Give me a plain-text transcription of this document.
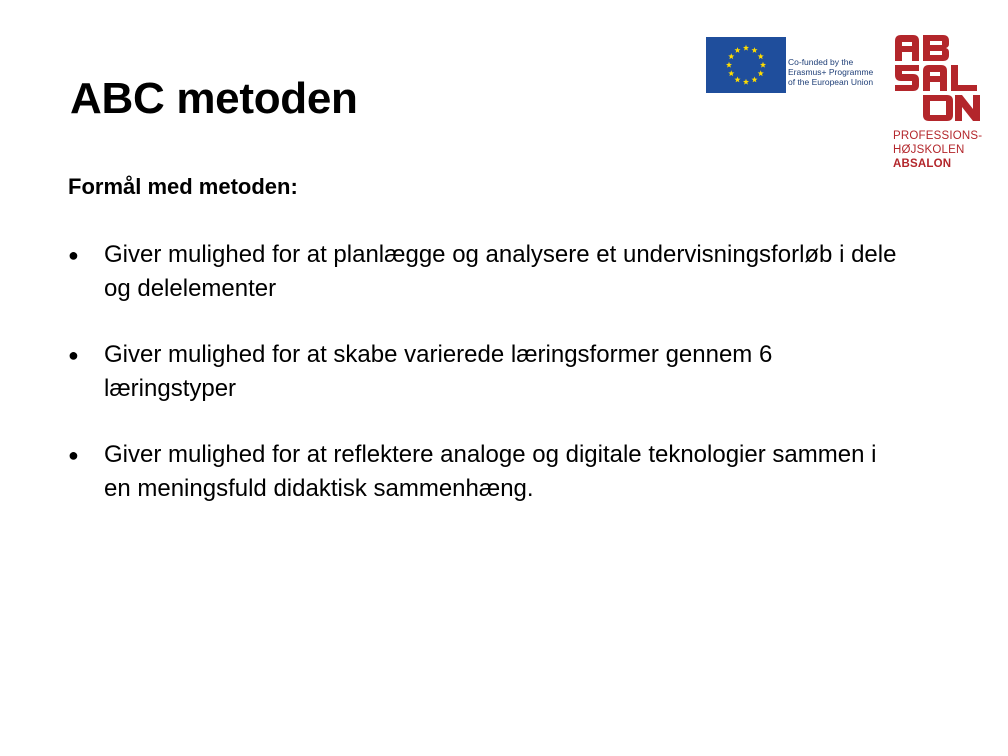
ABC metoden
Formål med metoden:
● Giver mulighed for at planlægge og analysere et undervisningsforløb i dele og delelementer
● Giver mulighed for at skabe varierede læringsformer gennem 6 læringstyper
● Giver mulighed for at reflektere analoge og digitale teknologier sammen i en meningsfuld didaktisk sammenhæng.
Co-funded by the
Erasmus+ Programme
of the European Union
PROFESSIONS-
HØJSKOLEN
ABSALON
